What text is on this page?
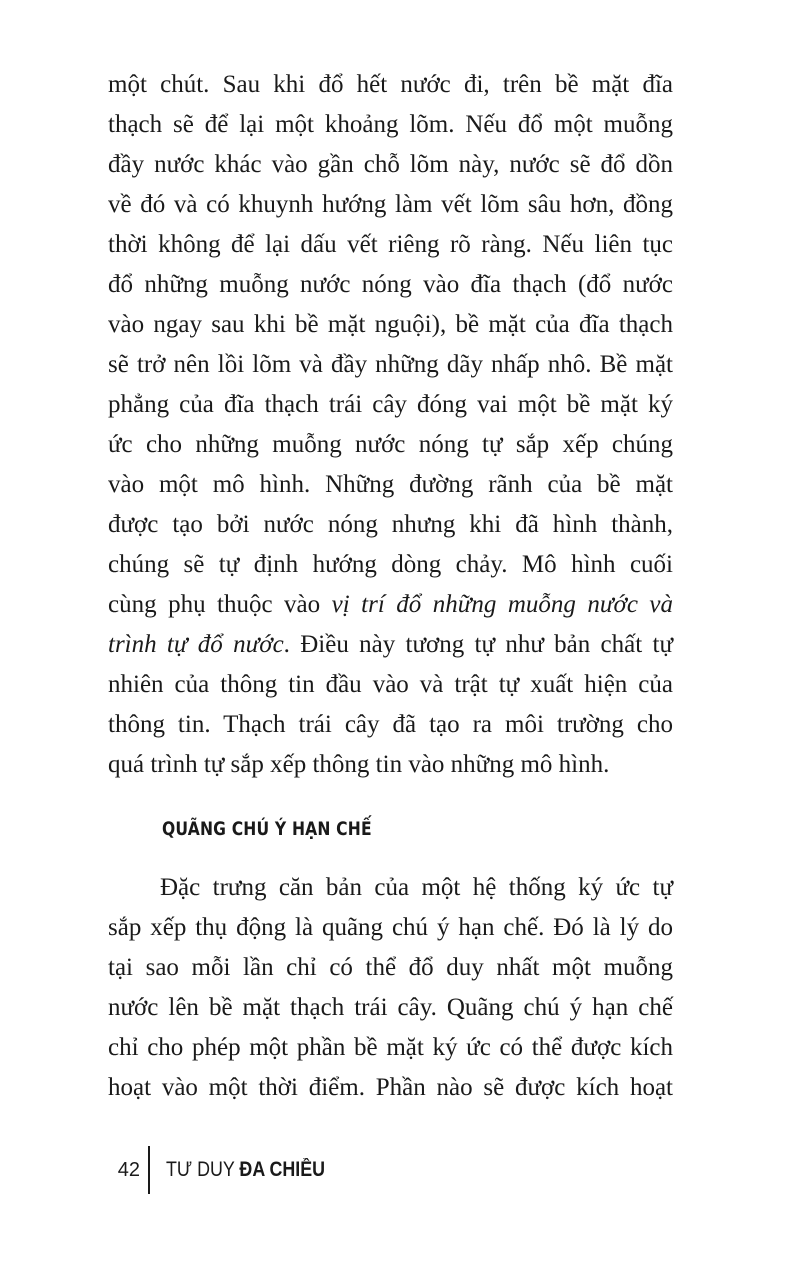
một chút. Sau khi đổ hết nước đi, trên bề mặt đĩa
thạch sẽ để lại một khoảng lõm. Nếu đổ một muỗng
đầy nước khác vào gần chỗ lõm này, nước sẽ đổ dồn
về đó và có khuynh hướng làm vết lõm sâu hơn, đồng
thời không để lại dấu vết riêng rõ ràng. Nếu liên tục
đổ những muỗng nước nóng vào đĩa thạch (đổ nước
vào ngay sau khi bề mặt nguội), bề mặt của đĩa thạch
sẽ trở nên lồi lõm và đầy những dãy nhấp nhô. Bề mặt
phẳng của đĩa thạch trái cây đóng vai một bề mặt ký
ức cho những muỗng nước nóng tự sắp xếp chúng
vào một mô hình. Những đường rãnh của bề mặt
được tạo bởi nước nóng nhưng khi đã hình thành,
chúng sẽ tự định hướng dòng chảy. Mô hình cuối
cùng phụ thuộc vào vị trí đổ những muỗng nước và
trình tự đổ nước. Điều này tương tự như bản chất tự
nhiên của thông tin đầu vào và trật tự xuất hiện của
thông tin. Thạch trái cây đã tạo ra môi trường cho
quá trình tự sắp xếp thông tin vào những mô hình.
QUÃNG CHÚ Ý HẠN CHẾ
Đặc trưng căn bản của một hệ thống ký ức tự
sắp xếp thụ động là quãng chú ý hạn chế. Đó là lý do
tại sao mỗi lần chỉ có thể đổ duy nhất một muỗng
nước lên bề mặt thạch trái cây. Quãng chú ý hạn chế
chỉ cho phép một phần bề mặt ký ức có thể được kích
hoạt vào một thời điểm. Phần nào sẽ được kích hoạt
42 TƯ DUY ĐA CHIỀU
